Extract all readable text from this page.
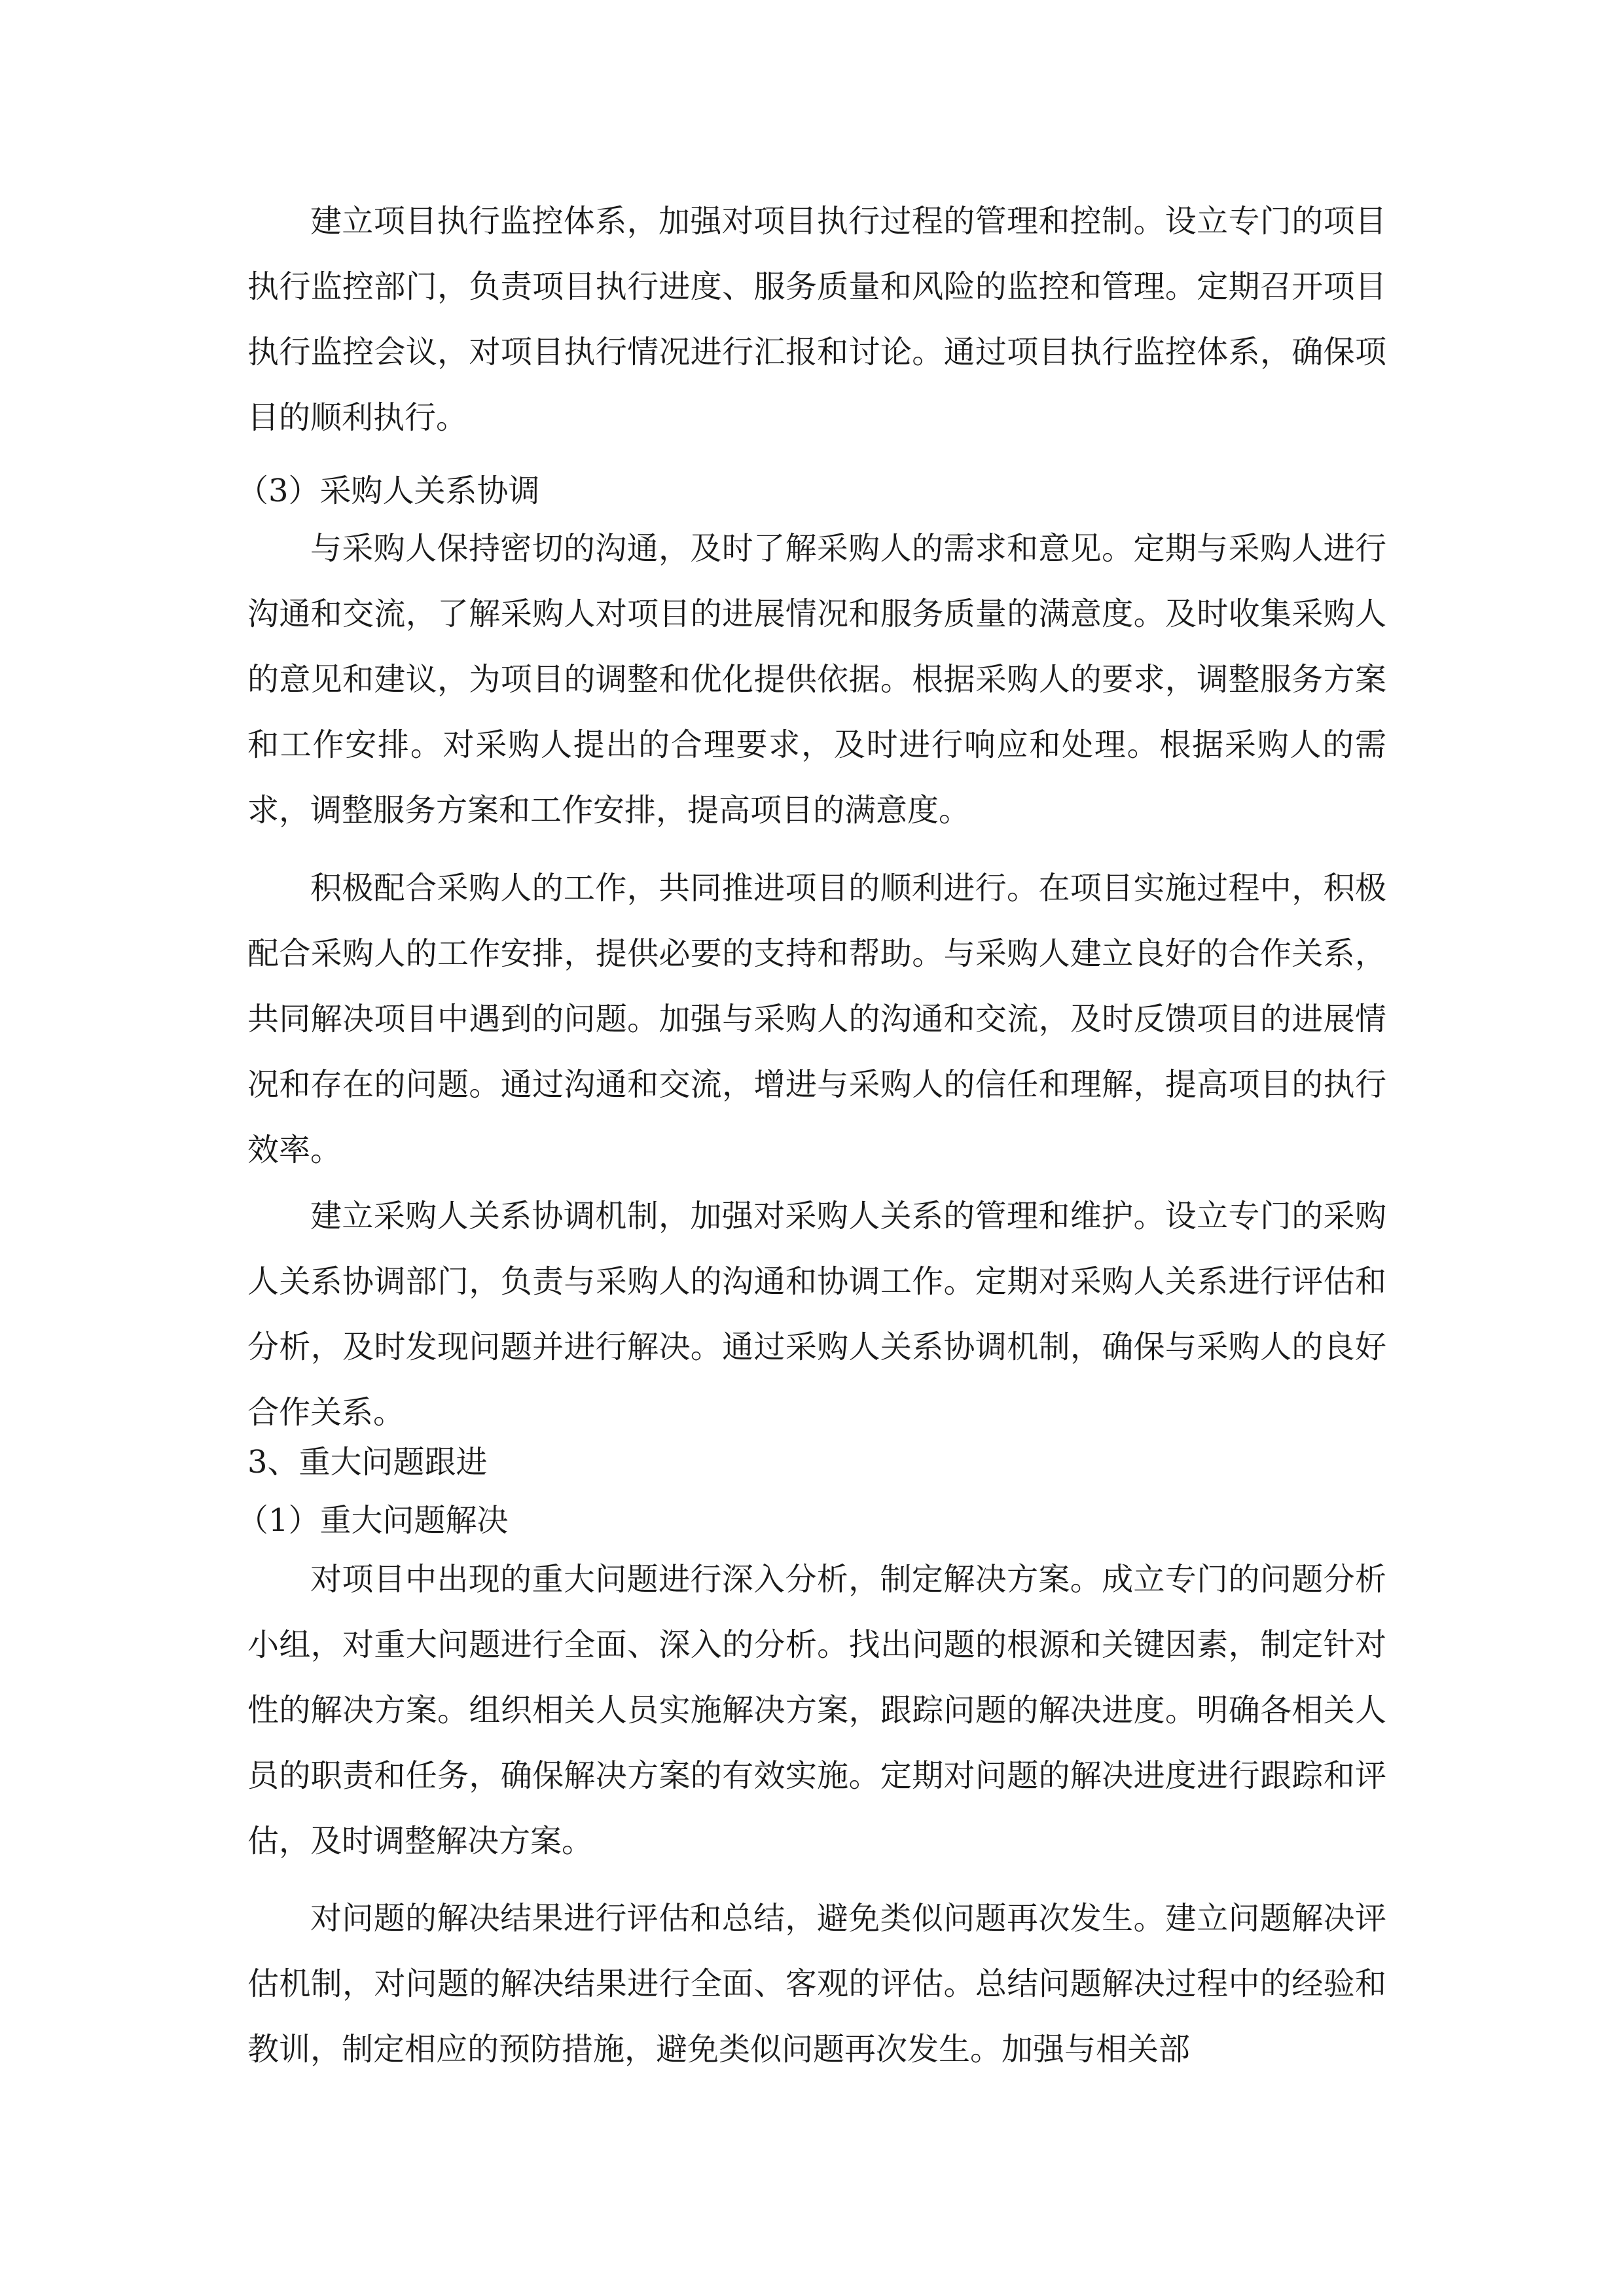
建立项目执行监控体系，加强对项目执行过程的管理和控制。设立专门的项目执行监控部门，负责项目执行进度、服务质量和风险的监控和管理。定期召开项目执行监控会议，对项目执行情况进行汇报和讨论。通过项目执行监控体系，确保项目的顺利执行。

（3）采购人关系协调

与采购人保持密切的沟通，及时了解采购人的需求和意见。定期与采购人进行沟通和交流，了解采购人对项目的进展情况和服务质量的满意度。及时收集采购人的意见和建议，为项目的调整和优化提供依据。根据采购人的要求，调整服务方案和工作安排。对采购人提出的合理要求，及时进行响应和处理。根据采购人的需求，调整服务方案和工作安排，提高项目的满意度。

积极配合采购人的工作，共同推进项目的顺利进行。在项目实施过程中，积极配合采购人的工作安排，提供必要的支持和帮助。与采购人建立良好的合作关系，共同解决项目中遇到的问题。加强与采购人的沟通和交流，及时反馈项目的进展情况和存在的问题。通过沟通和交流，增进与采购人的信任和理解，提高项目的执行效率。

建立采购人关系协调机制，加强对采购人关系的管理和维护。设立专门的采购人关系协调部门，负责与采购人的沟通和协调工作。定期对采购人关系进行评估和分析，及时发现问题并进行解决。通过采购人关系协调机制，确保与采购人的良好合作关系。

3、重大问题跟进
（1）重大问题解决

对项目中出现的重大问题进行深入分析，制定解决方案。成立专门的问题分析小组，对重大问题进行全面、深入的分析。找出问题的根源和关键因素，制定针对性的解决方案。组织相关人员实施解决方案，跟踪问题的解决进度。明确各相关人员的职责和任务，确保解决方案的有效实施。定期对问题的解决进度进行跟踪和评估，及时调整解决方案。

对问题的解决结果进行评估和总结，避免类似问题再次发生。建立问题解决评估机制，对问题的解决结果进行全面、客观的评估。总结问题解决过程中的经验和教训，制定相应的预防措施，避免类似问题再次发生。加强与相关部
